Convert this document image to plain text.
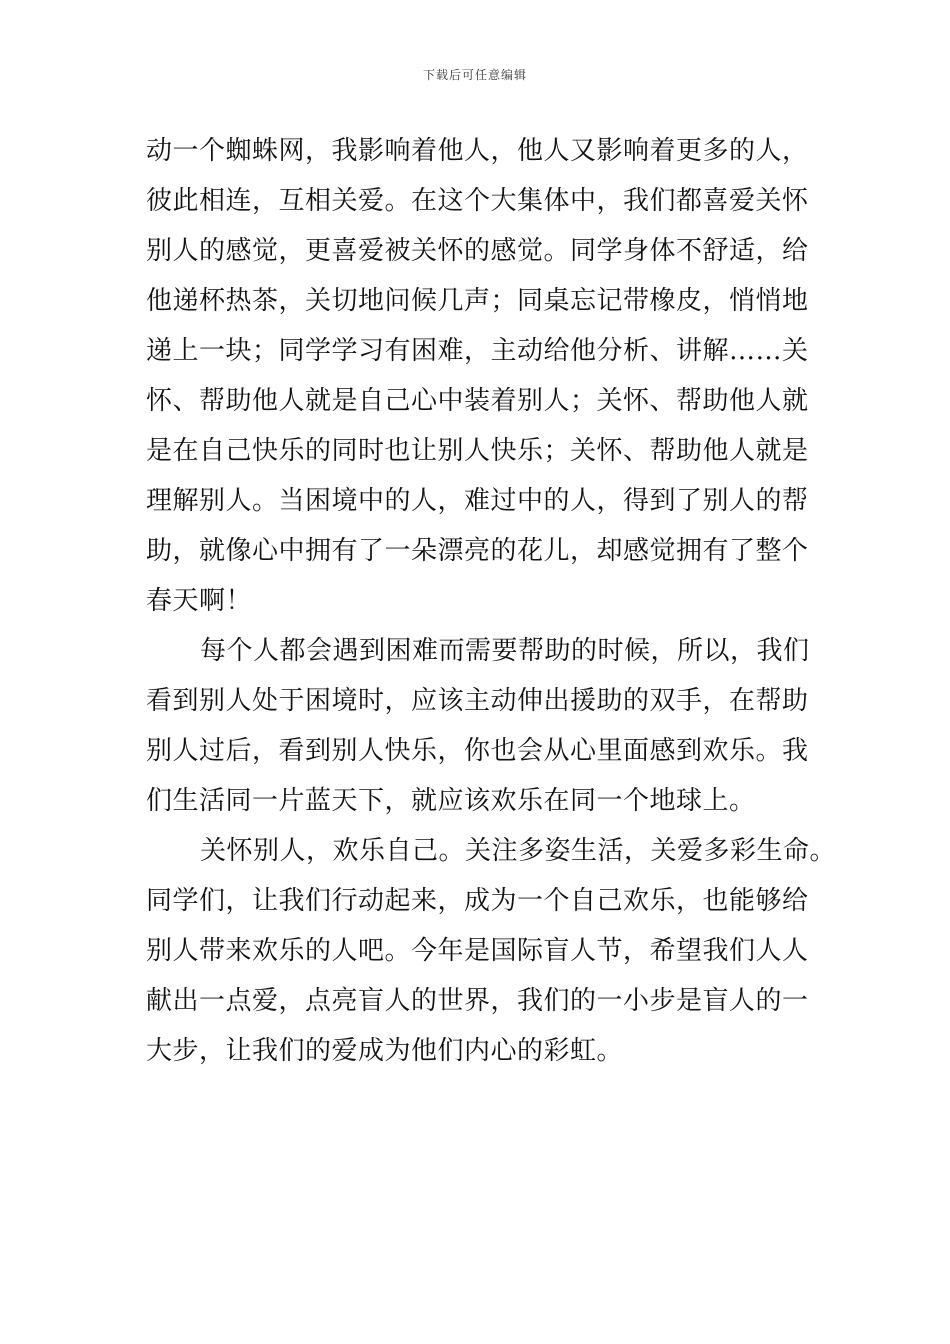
下载后可任意编辑
动一个蜘蛛网，我影响着他人，他人又影响着更多的人，
彼此相连，互相关爱。在这个大集体中，我们都喜爱关怀
别人的感觉，更喜爱被关怀的感觉。同学身体不舒适，给
他递杯热茶，关切地问候几声；同桌忘记带橡皮，悄悄地
递上一块；同学学习有困难，主动给他分析、讲解……关
怀、帮助他人就是自己心中装着别人；关怀、帮助他人就
是在自己快乐的同时也让别人快乐；关怀、帮助他人就是
理解别人。当困境中的人，难过中的人，得到了别人的帮
助，就像心中拥有了一朵漂亮的花儿，却感觉拥有了整个
春天啊！
每个人都会遇到困难而需要帮助的时候，所以，我们
看到别人处于困境时，应该主动伸出援助的双手，在帮助
别人过后，看到别人快乐，你也会从心里面感到欢乐。我
们生活同一片蓝天下，就应该欢乐在同一个地球上。
关怀别人，欢乐自己。关注多姿生活，关爱多彩生命。
同学们，让我们行动起来，成为一个自己欢乐，也能够给
别人带来欢乐的人吧。今年是国际盲人节，希望我们人人
献出一点爱，点亮盲人的世界，我们的一小步是盲人的一
大步，让我们的爱成为他们内心的彩虹。
